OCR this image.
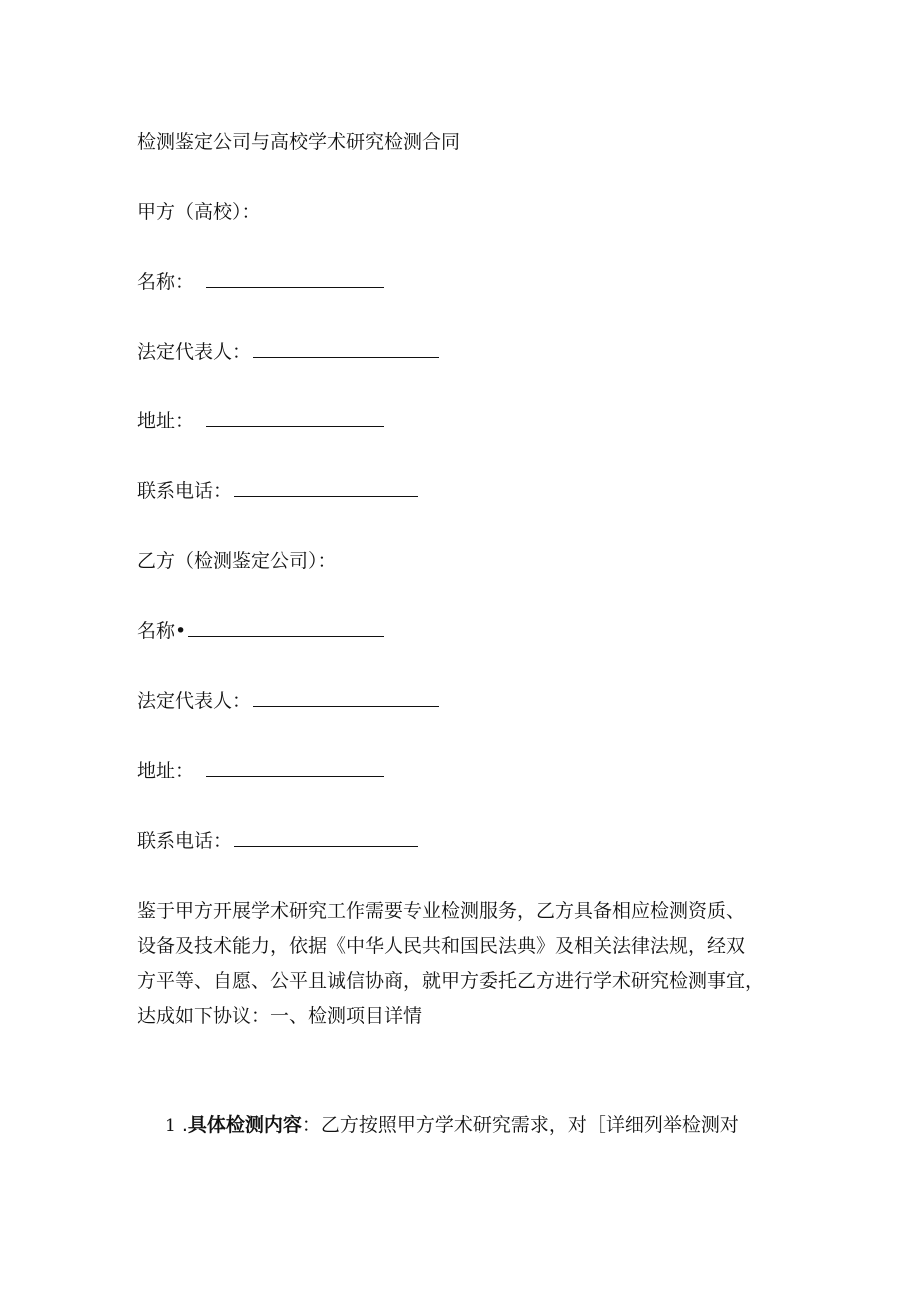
检测鉴定公司与高校学术研究检测合同
甲方（高校）：
名称：
法定代表人：
地址：
联系电话：
乙方（检测鉴定公司）：
名称•
法定代表人：
地址：
联系电话：
鉴于甲方开展学术研究工作需要专业检测服务，乙方具备相应检测资质、
设备及技术能力，依据《中华人民共和国民法典》及相关法律法规，经双
方平等、自愿、公平且诚信协商，就甲方委托乙方进行学术研究检测事宜，
达成如下协议：一、检测项目详情
1 .具体检测内容：乙方按照甲方学术研究需求，对［详细列举检测对
